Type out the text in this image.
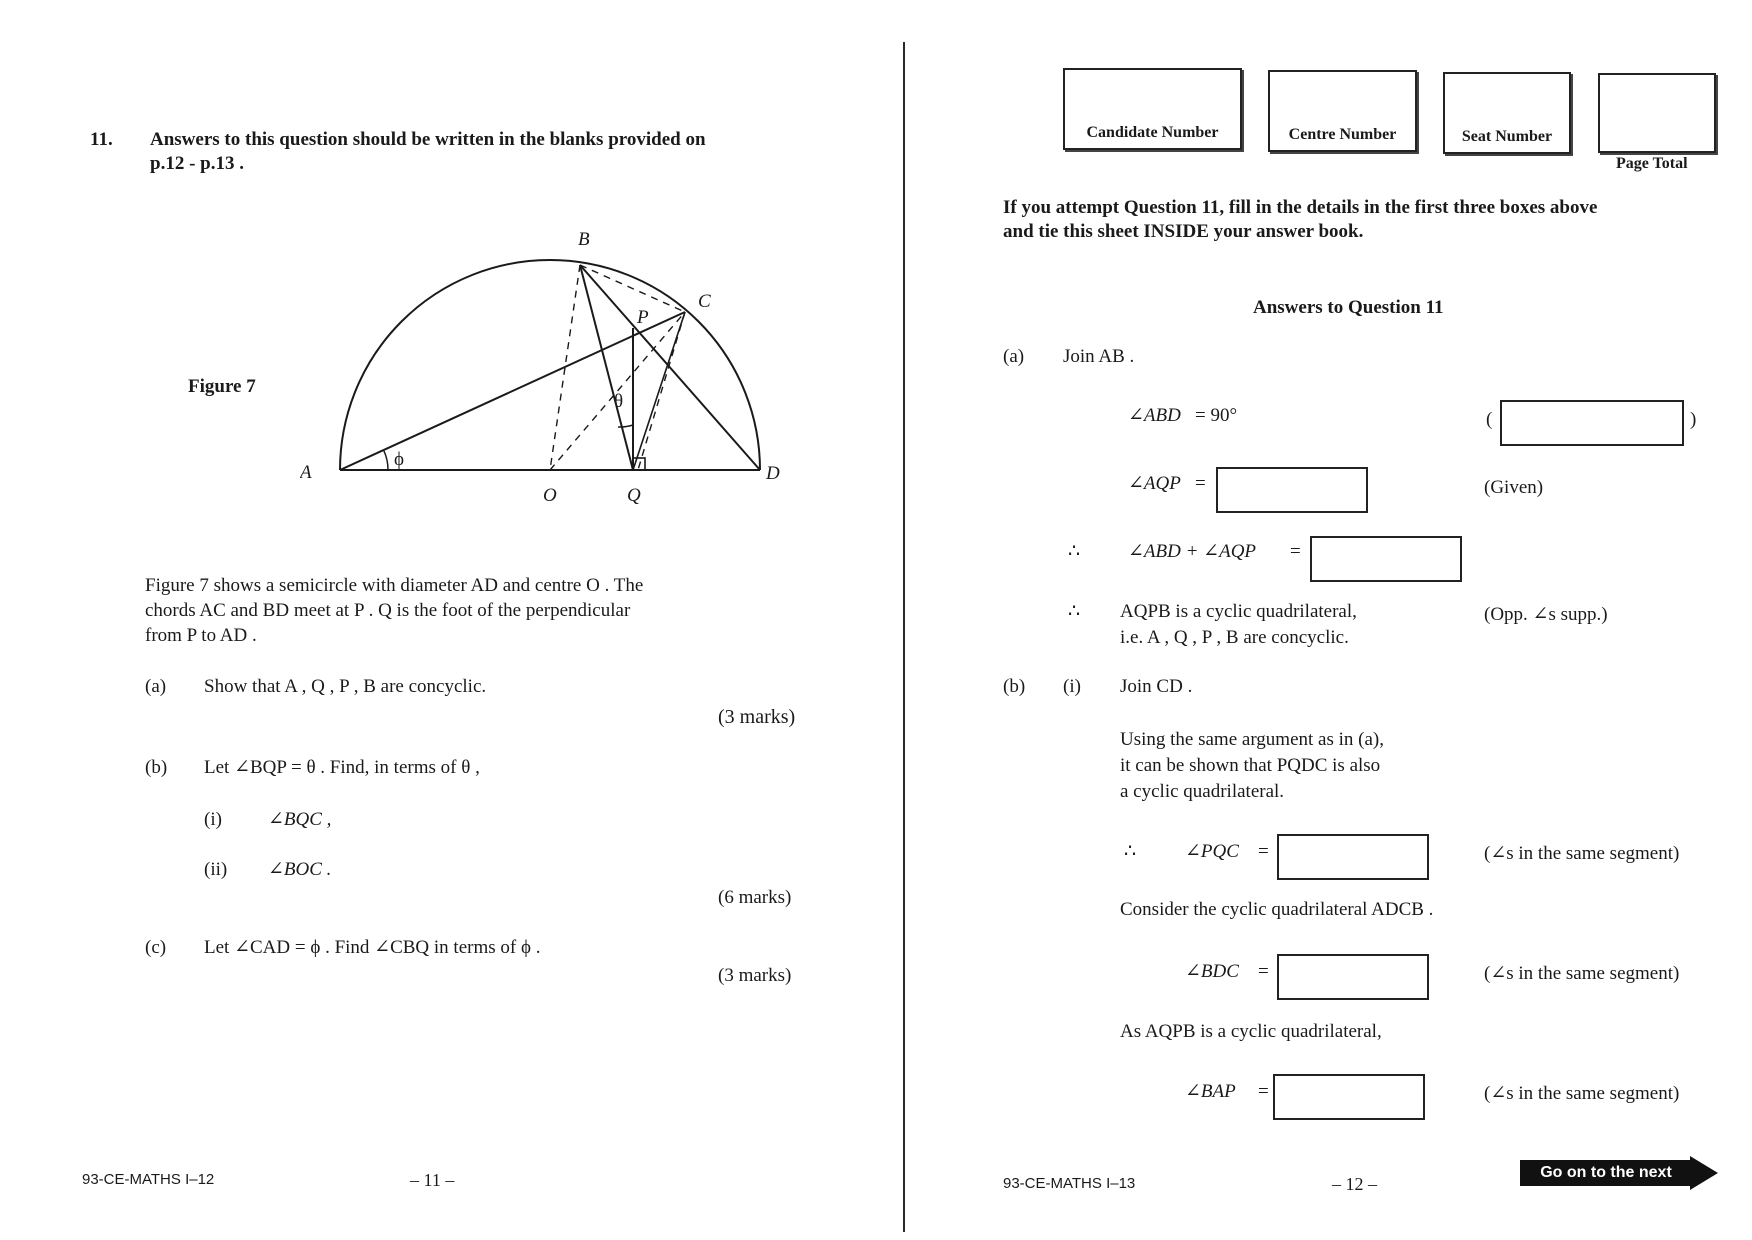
11. Answers to this question should be written in the blanks provided on
p.12 - p.13 .
Figure 7
A
B
C
D
O	Q
P
θ
ϕ
Figure 7 shows a semicircle with diameter AD and centre O . The
chords AC and BD meet at P . Q is the foot of the perpendicular
from P to AD .
(a) Show that A , Q , P , B are concyclic.
(3 marks)
(b) Let ∠BQP = θ . Find, in terms of θ ,
(i) ∠BQC ,
(ii) ∠BOC .
(6 marks)
(c) Let ∠CAD = ϕ . Find ∠CBQ in terms of ϕ .
(3 marks)
93-CE-MATHS I–12	– 11 –
Candidate Number	Centre Number	Seat Number
Page Total
If you attempt Question 11, fill in the details in the first three boxes above
and tie this sheet INSIDE your answer book.
Answers to Question 11
(a) Join AB .
∠ABD = 90°	(	)
∠AQP =	(Given)
∴	∠ABD + ∠AQP =
∴ AQPB is a cyclic quadrilateral,
i.e. A , Q , P , B are concyclic.
(Opp. ∠s supp.)
(b) (i) Join CD .
Using the same argument as in (a),
it can be shown that PQDC is also
a cyclic quadrilateral.
∴	∠PQC =	(∠s in the same segment)
Consider the cyclic quadrilateral ADCB .
∠BDC =	(∠s in the same segment)
As AQPB is a cyclic quadrilateral,
∠BAP =	(∠s in the same segment)
93-CE-MATHS I–13	– 12 –
Go on to the next page
